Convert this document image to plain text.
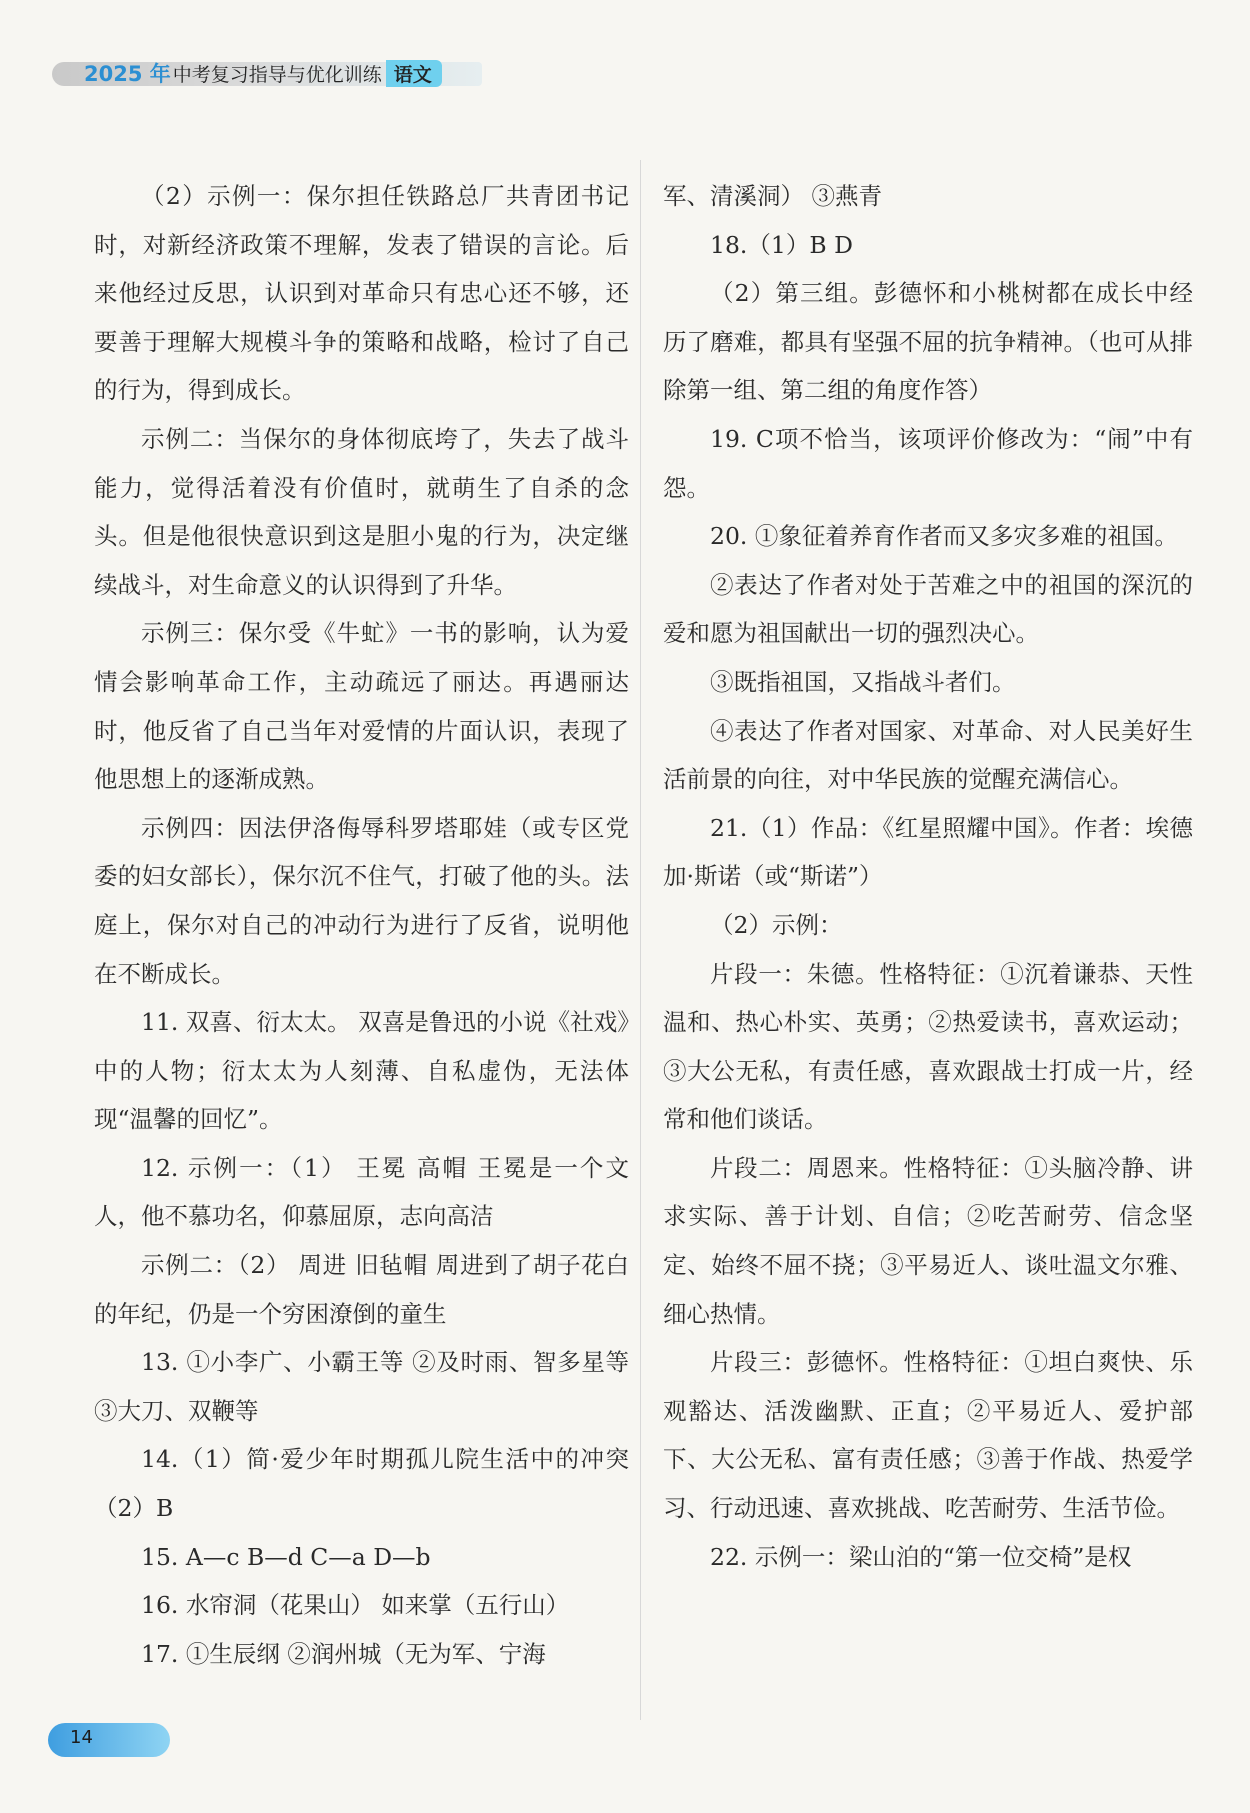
2025 年 中考复习指导与优化训练 语文

（2）示例一：保尔担任铁路总厂共青团书记时，对新经济政策不理解，发表了错误的言论。后来他经过反思，认识到对革命只有忠心还不够，还要善于理解大规模斗争的策略和战略，检讨了自己的行为，得到成长。

示例二：当保尔的身体彻底垮了，失去了战斗能力，觉得活着没有价值时，就萌生了自杀的念头。但是他很快意识到这是胆小鬼的行为，决定继续战斗，对生命意义的认识得到了升华。

示例三：保尔受《牛虻》一书的影响，认为爱情会影响革命工作，主动疏远了丽达。再遇丽达时，他反省了自己当年对爱情的片面认识，表现了他思想上的逐渐成熟。

示例四：因法伊洛侮辱科罗塔耶娃（或专区党委的妇女部长），保尔沉不住气，打破了他的头。法庭上，保尔对自己的冲动行为进行了反省，说明他在不断成长。

11. 双喜、衍太太。 双喜是鲁迅的小说《社戏》中的人物；衍太太为人刻薄、自私虚伪，无法体现“温馨的回忆”。

12. 示例一：（1） 王冕 高帽 王冕是一个文人，他不慕功名，仰慕屈原，志向高洁

示例二：（2） 周进 旧毡帽 周进到了胡子花白的年纪，仍是一个穷困潦倒的童生

13. ①小李广、小霸王等 ②及时雨、智多星等 ③大刀、双鞭等

14.（1）简·爱少年时期孤儿院生活中的冲突 （2）B

15. A—c B—d C—a D—b

16. 水帘洞（花果山） 如来掌（五行山）

17. ①生辰纲 ②润州城（无为军、宁海

军、清溪洞） ③燕青

18.（1）B D

（2）第三组。彭德怀和小桃树都在成长中经历了磨难，都具有坚强不屈的抗争精神。（也可从排除第一组、第二组的角度作答）

19. C项不恰当，该项评价修改为：“闹”中有怨。

20. ①象征着养育作者而又多灾多难的祖国。

②表达了作者对处于苦难之中的祖国的深沉的爱和愿为祖国献出一切的强烈决心。

③既指祖国，又指战斗者们。

④表达了作者对国家、对革命、对人民美好生活前景的向往，对中华民族的觉醒充满信心。

21.（1）作品：《红星照耀中国》。作者：埃德加·斯诺（或“斯诺”）

（2）示例：

片段一：朱德。性格特征：①沉着谦恭、天性温和、热心朴实、英勇；②热爱读书，喜欢运动；③大公无私，有责任感，喜欢跟战士打成一片，经常和他们谈话。

片段二：周恩来。性格特征：①头脑冷静、讲求实际、善于计划、自信；②吃苦耐劳、信念坚定、始终不屈不挠；③平易近人、谈吐温文尔雅、细心热情。

片段三：彭德怀。性格特征：①坦白爽快、乐观豁达、活泼幽默、正直；②平易近人、爱护部下、大公无私、富有责任感；③善于作战、热爱学习、行动迅速、喜欢挑战、吃苦耐劳、生活节俭。

22. 示例一：梁山泊的“第一位交椅”是权

14
